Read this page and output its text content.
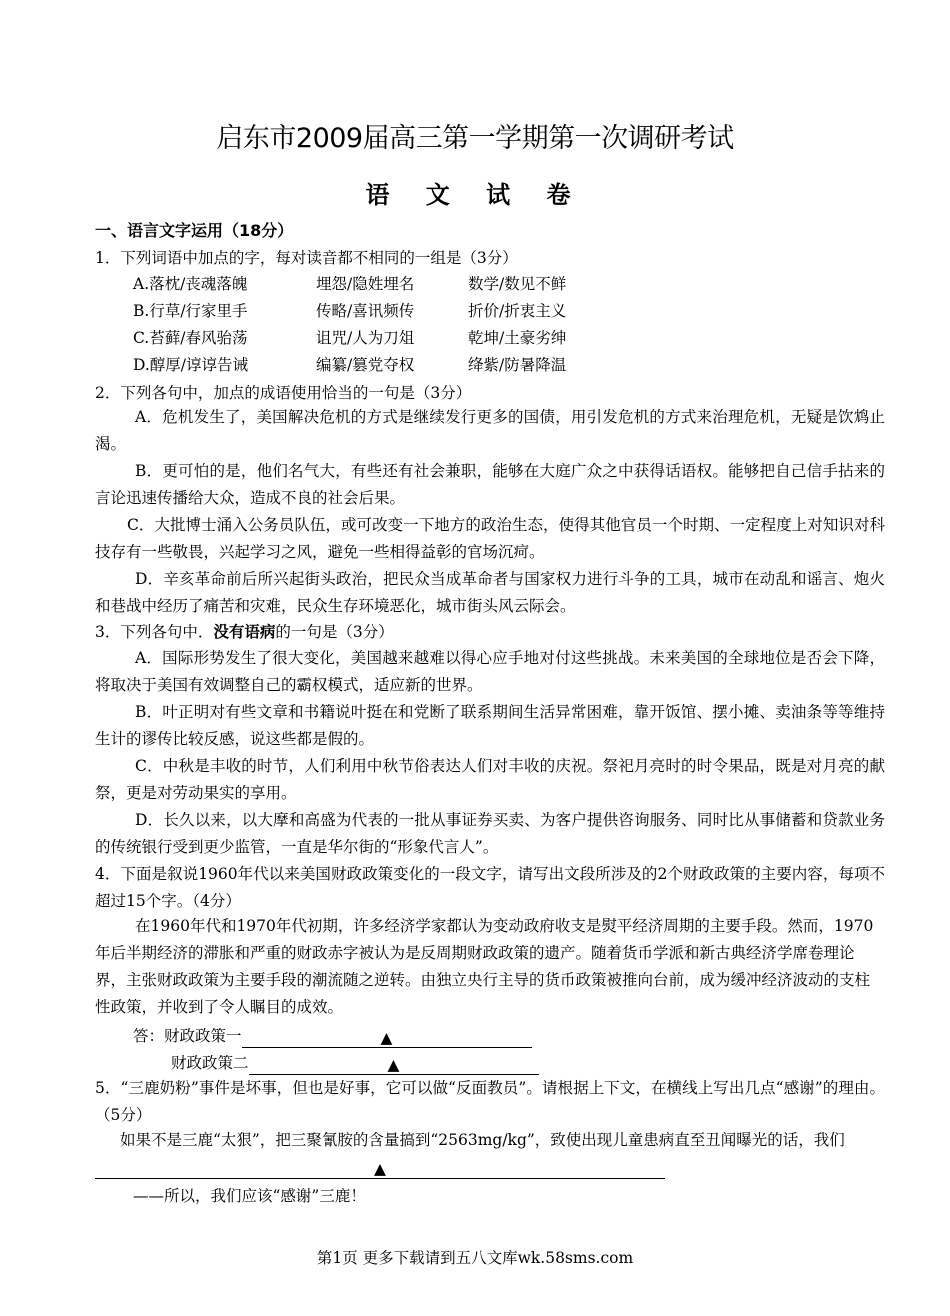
启东市2009届高三第一学期第一次调研考试
语 文 试 卷
一、语言文字运用（18分）
1．下列词语中加点的字，每对读音都不相同的一组是（3分）
A.落枕/丧魂落魄	埋怨/隐姓埋名	数学/数见不鲜
B.行草/行家里手	传略/喜讯频传	折价/折衷主义
C.苔藓/春风骀荡	诅咒/人为刀俎	乾坤/土豪劣绅
D.醇厚/谆谆告诫	编纂/篡党夺权	绛紫/防暑降温
2．下列各句中，加点的成语使用恰当的一句是（3分）
A．危机发生了，美国解决危机的方式是继续发行更多的国债，用引发危机的方式来治理危机，无疑是饮鸩止渴。
B．更可怕的是，他们名气大，有些还有社会兼职，能够在大庭广众之中获得话语权。能够把自己信手拈来的言论迅速传播给大众，造成不良的社会后果。
C．大批博士涌入公务员队伍，或可改变一下地方的政治生态，使得其他官员一个时期、一定程度上对知识对科技存有一些敬畏，兴起学习之风，避免一些相得益彰的官场沉疴。
D．辛亥革命前后所兴起街头政治，把民众当成革命者与国家权力进行斗争的工具，城市在动乱和谣言、炮火和巷战中经历了痛苦和灾难，民众生存环境恶化，城市街头风云际会。
3．下列各句中．没有语病的一句是（3分）
A．国际形势发生了很大变化，美国越来越难以得心应手地对付这些挑战。未来美国的全球地位是否会下降，将取决于美国有效调整自己的霸权模式，适应新的世界。
B．叶正明对有些文章和书籍说叶挺在和党断了联系期间生活异常困难，靠开饭馆、摆小摊、卖油条等等维持生计的谬传比较反感，说这些都是假的。
C．中秋是丰收的时节，人们利用中秋节俗表达人们对丰收的庆祝。祭祀月亮时的时令果品，既是对月亮的献祭，更是对劳动果实的享用。
D．长久以来，以大摩和高盛为代表的一批从事证券买卖、为客户提供咨询服务、同时比从事储蓄和贷款业务的传统银行受到更少监管，一直是华尔街的“形象代言人”。
4．下面是叙说1960年代以来美国财政政策变化的一段文字，请写出文段所涉及的2个财政政策的主要内容，每项不超过15个字。（4分）
在1960年代和1970年代初期，许多经济学家都认为变动政府收支是熨平经济周期的主要手段。然而，1970年后半期经济的滞胀和严重的财政赤字被认为是反周期财政政策的遗产。随着货币学派和新古典经济学席卷理论界，主张财政政策为主要手段的潮流随之逆转。由独立央行主导的货币政策被推向台前，成为缓冲经济波动的支柱性政策，并收到了令人瞩目的成效。
答：财政政策一	▲
财政政策二	▲
5．“三鹿奶粉”事件是坏事，但也是好事，它可以做“反面教员”。请根据上下文，在横线上写出几点“感谢”的理由。（5分）
如果不是三鹿“太狠”，把三聚氰胺的含量搞到“2563mg/kg”，致使出现儿童患病直至丑闻曝光的话，我们▲
——所以，我们应该“感谢”三鹿！
第1页 更多下载请到五八文库wk.58sms.com
